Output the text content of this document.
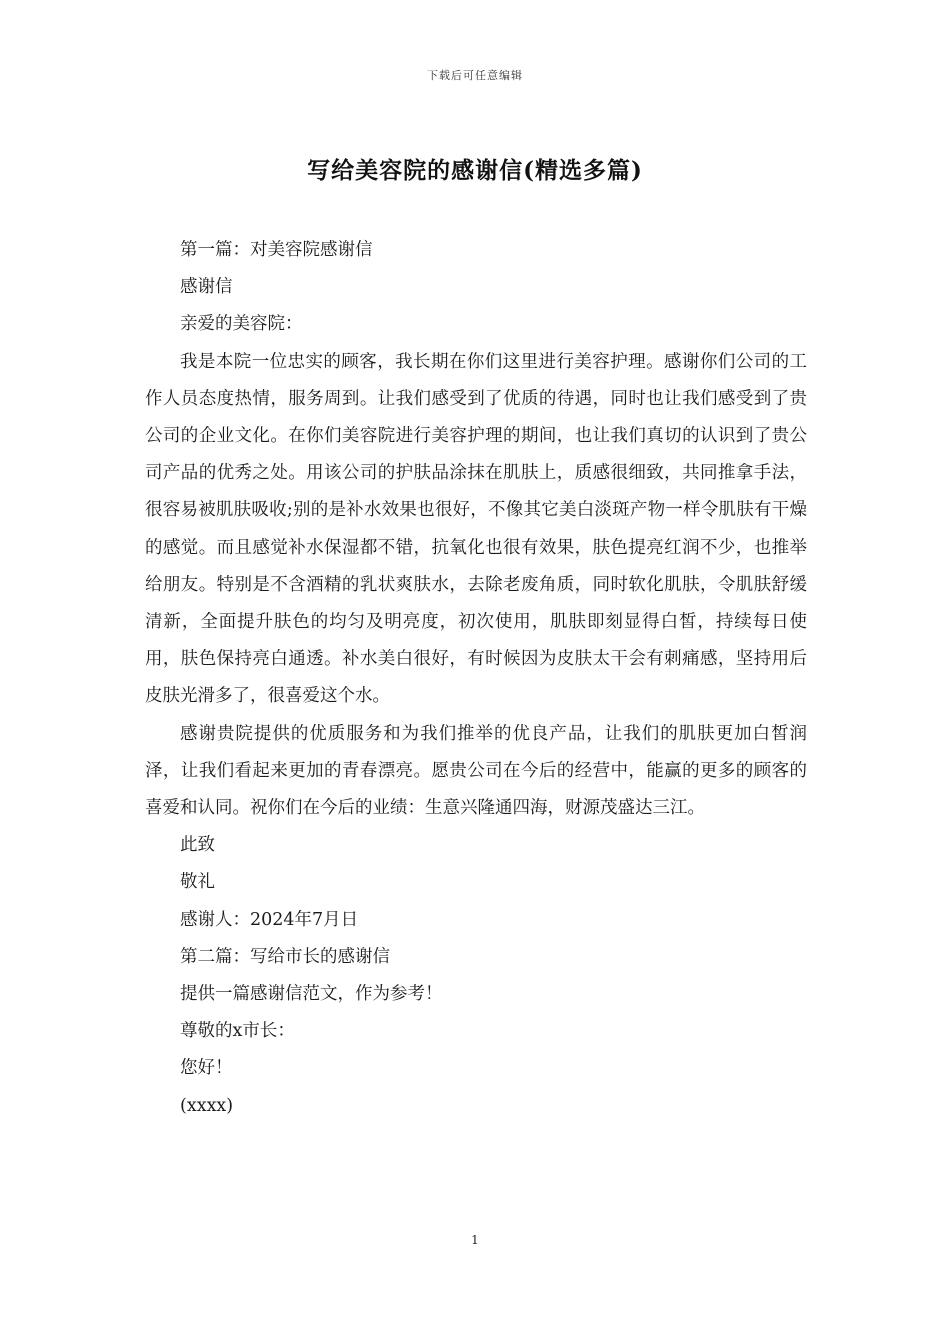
下载后可任意编辑
写给美容院的感谢信(精选多篇)

第一篇：对美容院感谢信

感谢信

亲爱的美容院：

我是本院一位忠实的顾客，我长期在你们这里进行美容护理。感谢你们公司的工作人员态度热情，服务周到。让我们感受到了优质的待遇，同时也让我们感受到了贵公司的企业文化。在你们美容院进行美容护理的期间，也让我们真切的认识到了贵公司产品的优秀之处。用该公司的护肤品涂抹在肌肤上，质感很细致，共同推拿手法，很容易被肌肤吸收;别的是补水效果也很好，不像其它美白淡斑产物一样令肌肤有干燥的感觉。而且感觉补水保湿都不错，抗氧化也很有效果，肤色提亮红润不少，也推举给朋友。特别是不含酒精的乳状爽肤水，去除老废角质，同时软化肌肤，令肌肤舒缓清新，全面提升肤色的均匀及明亮度，初次使用，肌肤即刻显得白皙，持续每日使用，肤色保持亮白通透。补水美白很好，有时候因为皮肤太干会有刺痛感，坚持用后皮肤光滑多了，很喜爱这个水。

感谢贵院提供的优质服务和为我们推举的优良产品，让我们的肌肤更加白皙润泽，让我们看起来更加的青春漂亮。愿贵公司在今后的经营中，能赢的更多的顾客的喜爱和认同。祝你们在今后的业绩：生意兴隆通四海，财源茂盛达三江。

此致

敬礼

感谢人：2024年7月日

第二篇：写给市长的感谢信

提供一篇感谢信范文，作为参考！

尊敬的x市长：

您好！

(xxxx)

1
